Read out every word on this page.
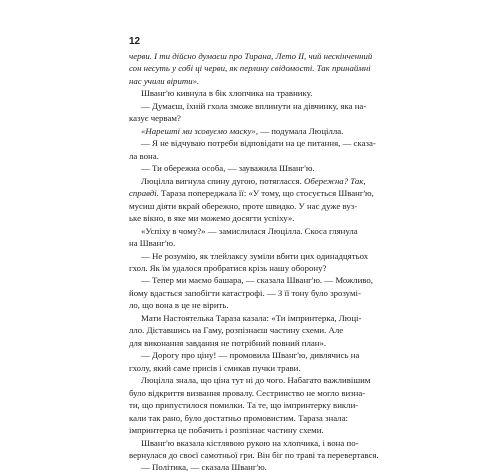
12
черви. І ти дійсно думаєш про Тирана, Лето II, чий нескінченний
сон несуть у собі ці черви, як перлину свідомості. Так принаймні
нас учили вірити».
Шванг'ю кивнула в бік хлопчика на травнику.
— Думаєш, їхній гхола зможе вплинути на дівчинку, яка на-
казує червам?
«Нарешті ми зсовуємо маску», — подумала Люцілла.
— Я не відчуваю потреби відповідати на це питання, — сказа-
ла вона.
— Ти обережна особа, — зауважила Шванг'ю.
Люцілла вигнула спину дугою, потягласся. Обережна? Так,
справді. Тараза попереджала її: «У тому, що стосується Шванг'ю,
мусиш діяти вкрай обережно, проте швидко. У нас дуже вуз-
ьке вікно, в яке ми можемо досягти успіху».
«Успіху в чому?» — замислилася Люцілла. Скоса глянула
на Шванг'ю.
— Не розумію, як тлейлаксу зуміли вбити цих одинадцятьох
гхол. Як їм удалося пробратися крізь нашу оборону?
— Тепер ми маємо башара, — сказала Шванг'ю. — Можливо,
йому вдасться запобігти катастрофі. — З її тону було зрозумі-
ло, що вона в це не вірить.
Мати Настоятелька Тараза казала: «Ти імпринтерка, Люці-
лло. Діставшись на Гаму, розпізнаєш частину схеми. Але
для виконання завдання не потрібний повний план».
— Дорогу про ціну! — промовила Шванг'ю, дивлячись на
гхолу, який саме присів і смикав пучки трави.
Люцілла знала, що ціна тут ні до чого. Набагато важливішим
було відкриття визвання провалу. Сестринство не могло визна-
ти, що припустилося помилки. Та те, що імпринтерку викли-
кали так рано, було достатньо промовистим. Тараза знала:
імпринтерка це побачить і розпізнає частину схеми.
Шванг'ю вказала кістлявою рукою на хлопчика, і вона по-
вернулася до своєї самотньої гри. Він біг по траві та перевертався.
— Політика, — сказала Шванг'ю.
